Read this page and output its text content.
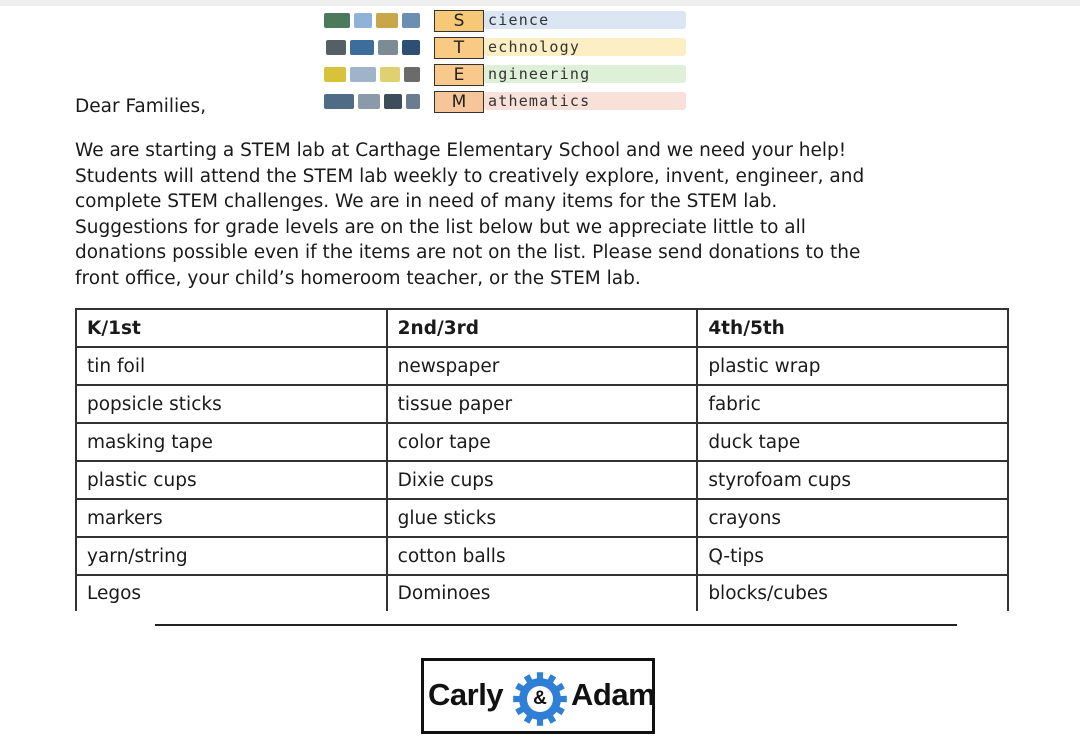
S	cience
T	echnology
E	ngineering
M	athematics
Dear Families,
We are starting a STEM lab at Carthage Elementary School and we need your help!
Students will attend the STEM lab weekly to creatively explore, invent, engineer, and
complete STEM challenges. We are in need of many items for the STEM lab.
Suggestions for grade levels are on the list below but we appreciate little to all
donations possible even if the items are not on the list. Please send donations to the
front office, your child’s homeroom teacher, or the STEM lab.
K/1st	2nd/3rd	4th/5th
tin foil	newspaper	plastic wrap
popsicle sticks	tissue paper	fabric
masking tape	color tape	duck tape
plastic cups	Dixie cups	styrofoam cups
markers	glue sticks	crayons
yarn/string	cotton balls	Q-tips
Legos	Dominoes	blocks/cubes
Carly	& Adam
